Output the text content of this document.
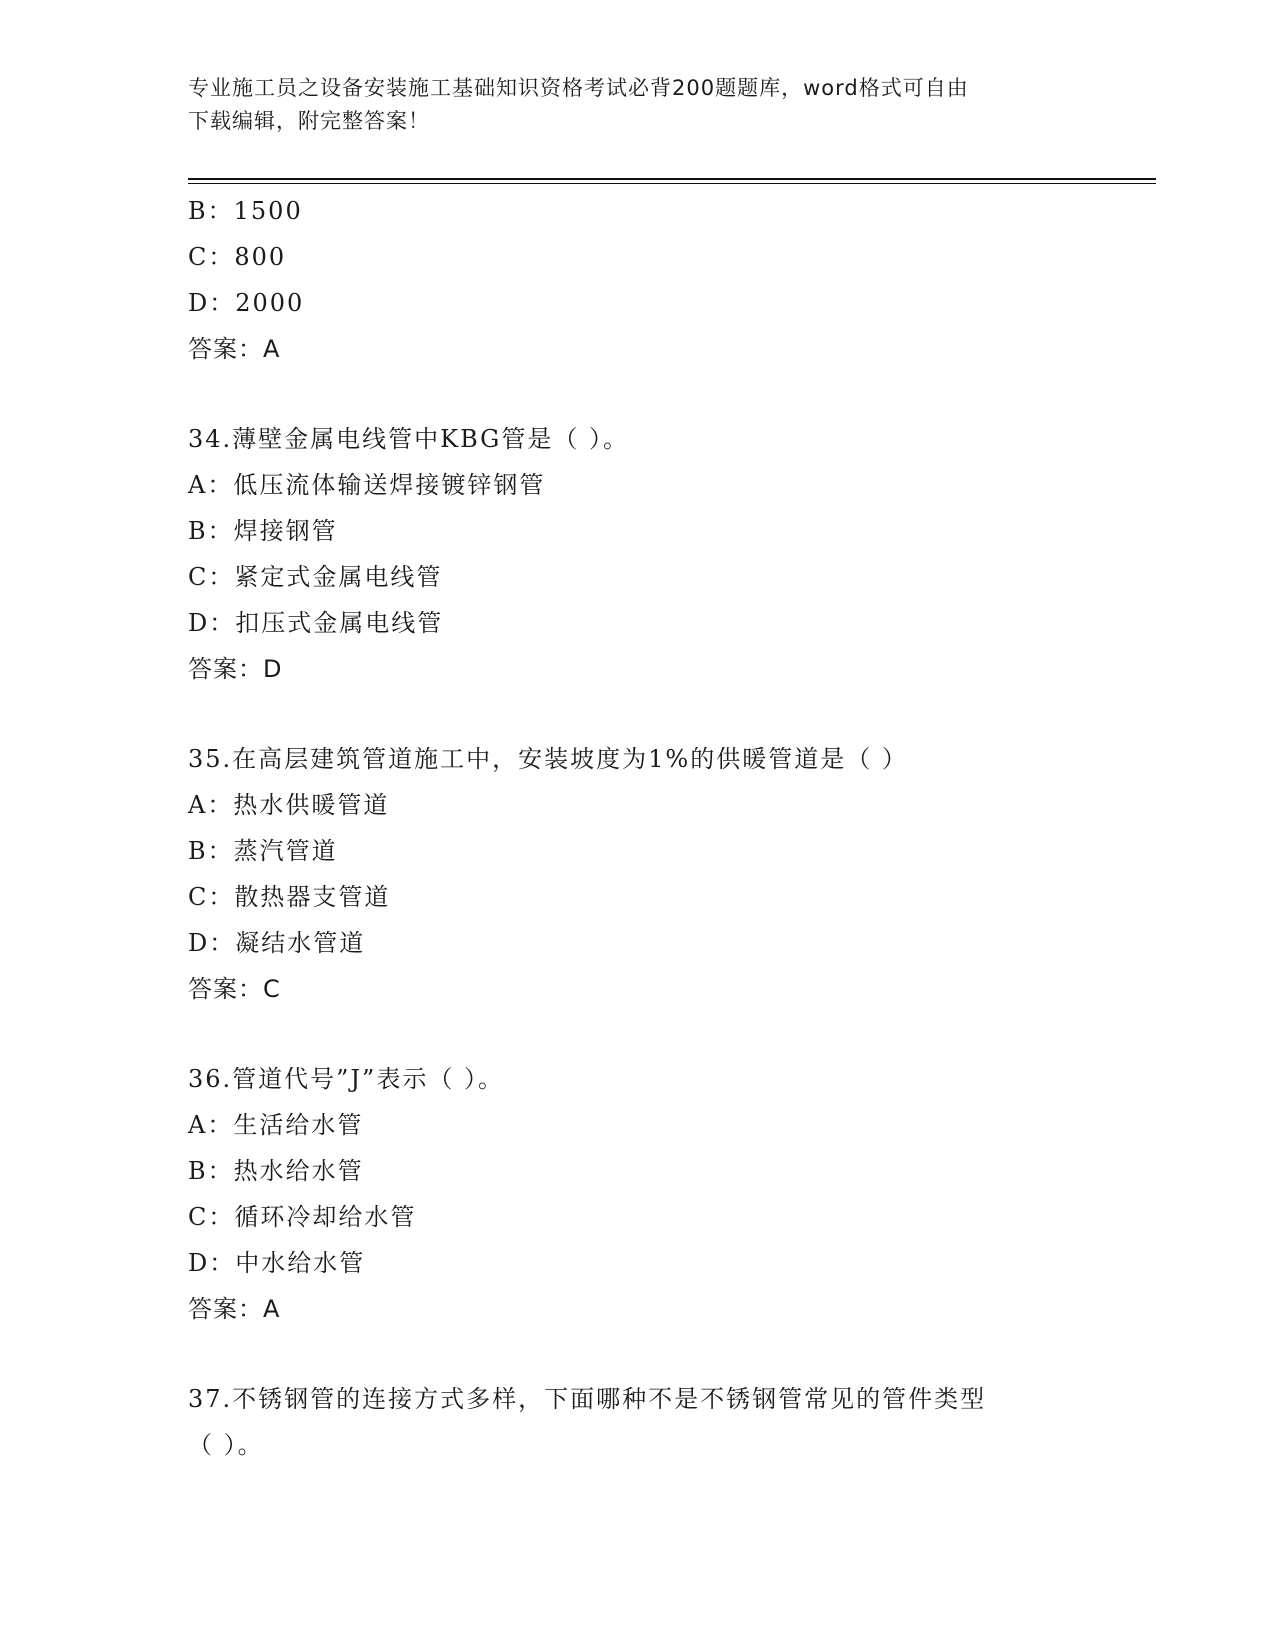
专业施工员之设备安装施工基础知识资格考试必背200题题库，word格式可自由
下载编辑，附完整答案！
B：1500
C：800
D：2000
答案：A
34.薄壁金属电线管中KBG管是（ ）。
A：低压流体输送焊接镀锌钢管
B：焊接钢管
C：紧定式金属电线管
D：扣压式金属电线管
答案：D
35.在高层建筑管道施工中，安装坡度为1%的供暖管道是（ ）
A：热水供暖管道
B：蒸汽管道
C：散热器支管道
D：凝结水管道
答案：C
36.管道代号”J”表示（ ）。
A：生活给水管
B：热水给水管
C：循环冷却给水管
D：中水给水管
答案：A
37.不锈钢管的连接方式多样，下面哪种不是不锈钢管常见的管件类型
（ ）。
